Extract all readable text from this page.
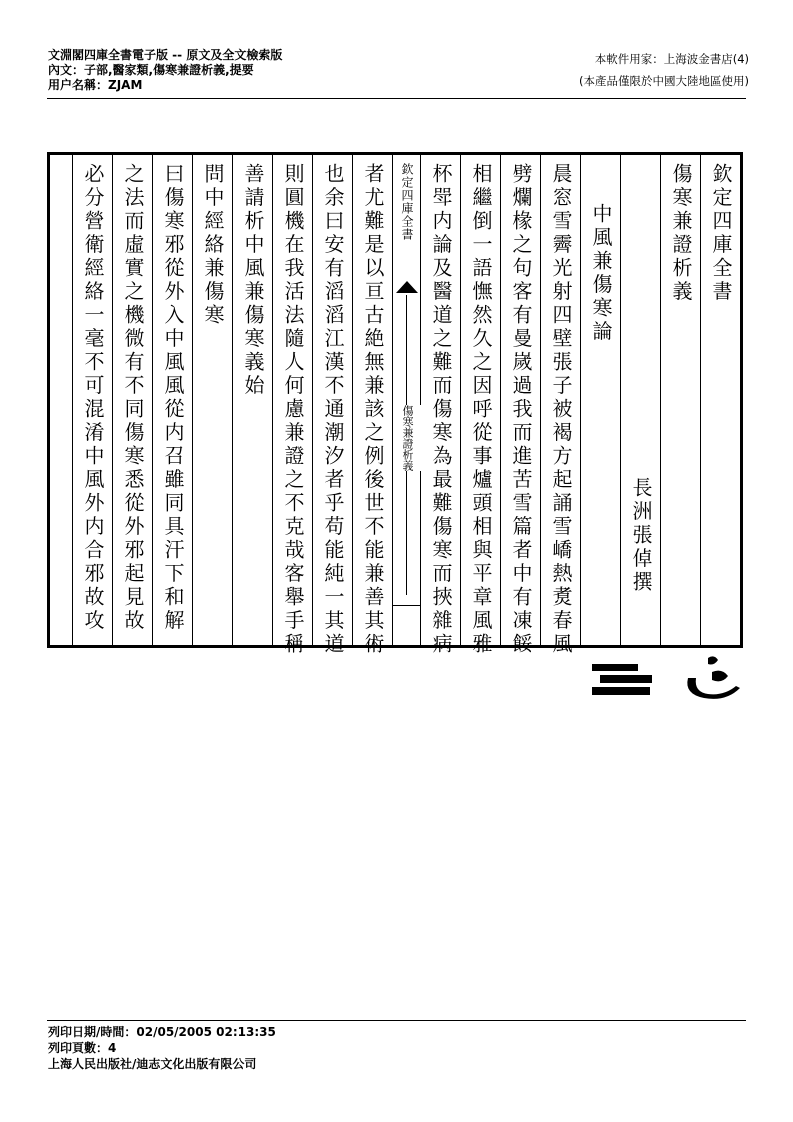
文淵閣四庫全書電子版 -- 原文及全文檢索版
內文：子部,醫家類,傷寒兼證析義,提要
用户名稱：ZJAM
本軟件用家：上海波金書店(4)
(本產品僅限於中國大陸地區使用)
欽定四庫全書
傷寒兼證析義
長洲張倬撰
中風兼傷寒論
晨窓雪霽光射四壁張子被褐方起誦雪嶠熱煑春風
劈爛椽之句客有曼嵗過我而進苦雪篇者中有凍餒
相繼倒一語憮然久之因呼從事爐頭相與平章風雅
杯斝内論及醫道之難而傷寒為最難傷寒而挾雜病
欽定四庫全書
傷寒兼證析義
者尤難是以亘古絶無兼該之例後世不能兼善其術
也余曰安有滔滔江漢不通潮汐者乎苟能純一其道
則圓機在我活法隨人何慮兼證之不克哉客舉手稱
善請析中風兼傷寒義始
問中經絡兼傷寒
曰傷寒邪從外入中風風從内召雖同具汗下和解
之法而虛實之機微有不同傷寒悉從外邪起見故
必分營衛經絡一毫不可混淆中風外内合邪故攻
列印日期/時間：02/05/2005 02:13:35
列印頁數：4
上海人民出版社/迪志文化出版有限公司
